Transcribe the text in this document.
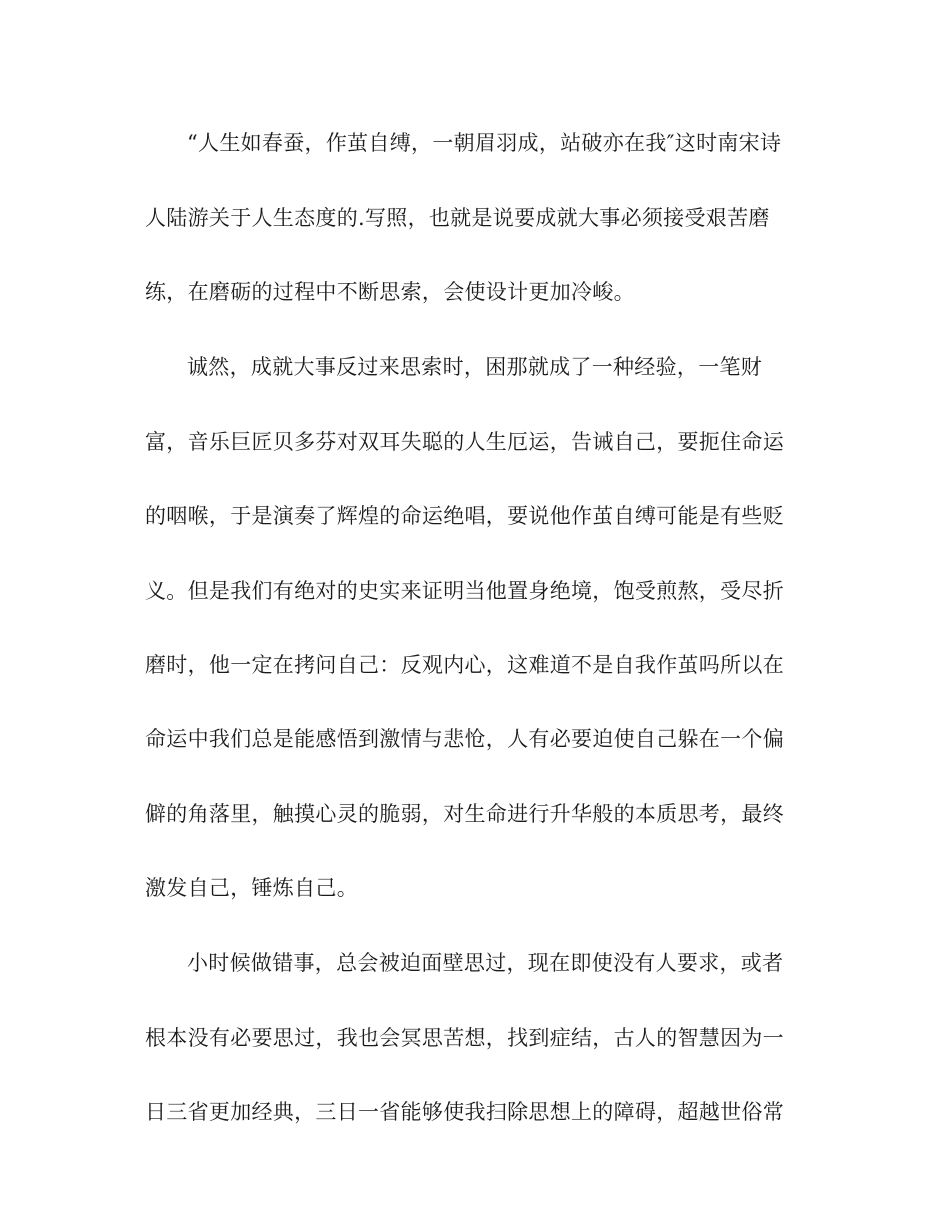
“人生如春蚕，作茧自缚，一朝眉羽成，站破亦在我″这时南宋诗

人陆游关于人生态度的.写照，也就是说要成就大事必须接受艰苦磨

练，在磨砺的过程中不断思索，会使设计更加冷峻。

诚然，成就大事反过来思索时，困那就成了一种经验，一笔财

富，音乐巨匠贝多芬对双耳失聪的人生厄运，告诫自己，要扼住命运

的咽喉，于是演奏了辉煌的命运绝唱，要说他作茧自缚可能是有些贬

义。但是我们有绝对的史实来证明当他置身绝境，饱受煎熬，受尽折

磨时，他一定在拷问自己：反观内心，这难道不是自我作茧吗所以在

命运中我们总是能感悟到激情与悲怆，人有必要迫使自己躲在一个偏

僻的角落里，触摸心灵的脆弱，对生命进行升华般的本质思考，最终

激发自己，锤炼自己。

小时候做错事，总会被迫面壁思过，现在即使没有人要求，或者

根本没有必要思过，我也会冥思苦想，找到症结，古人的智慧因为一

日三省更加经典，三日一省能够使我扫除思想上的障碍，超越世俗常
